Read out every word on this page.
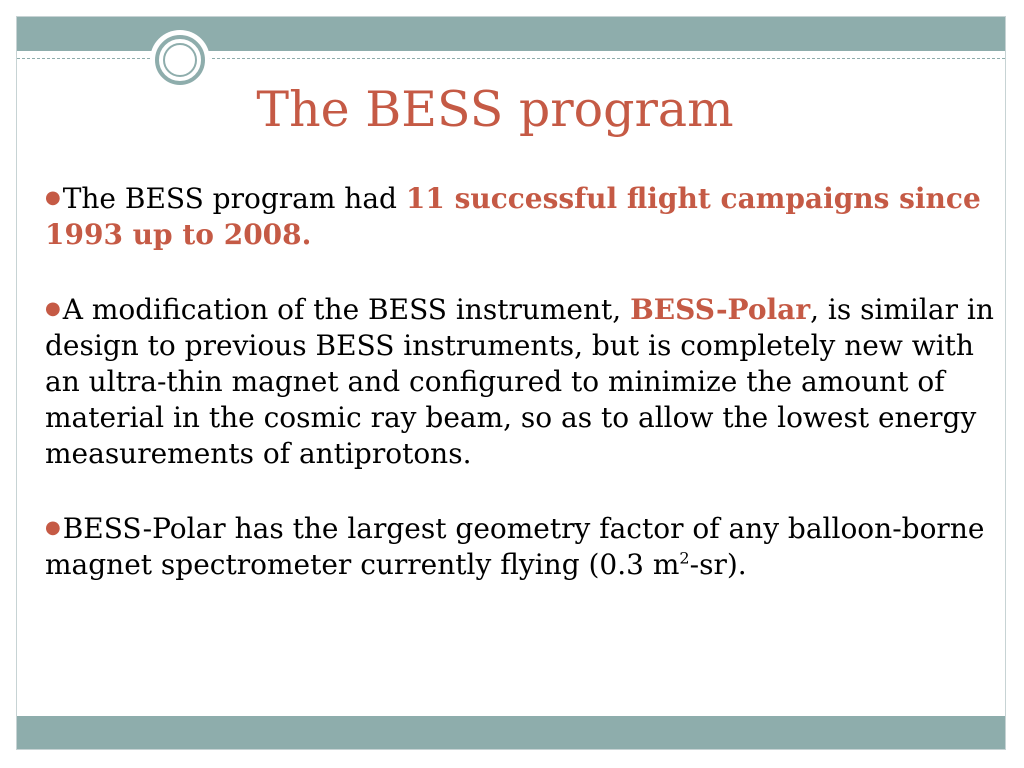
The BESS program
●The BESS program had 11 successful flight campaigns since 1993 up to 2008.
●A modification of the BESS instrument, BESS-Polar, is similar in design to previous BESS instruments, but is completely new with an ultra-thin magnet and configured to minimize the amount of material in the cosmic ray beam, so as to allow the lowest energy measurements of antiprotons.
●BESS-Polar has the largest geometry factor of any balloon-borne magnet spectrometer currently flying (0.3 $m^2-sr$).
